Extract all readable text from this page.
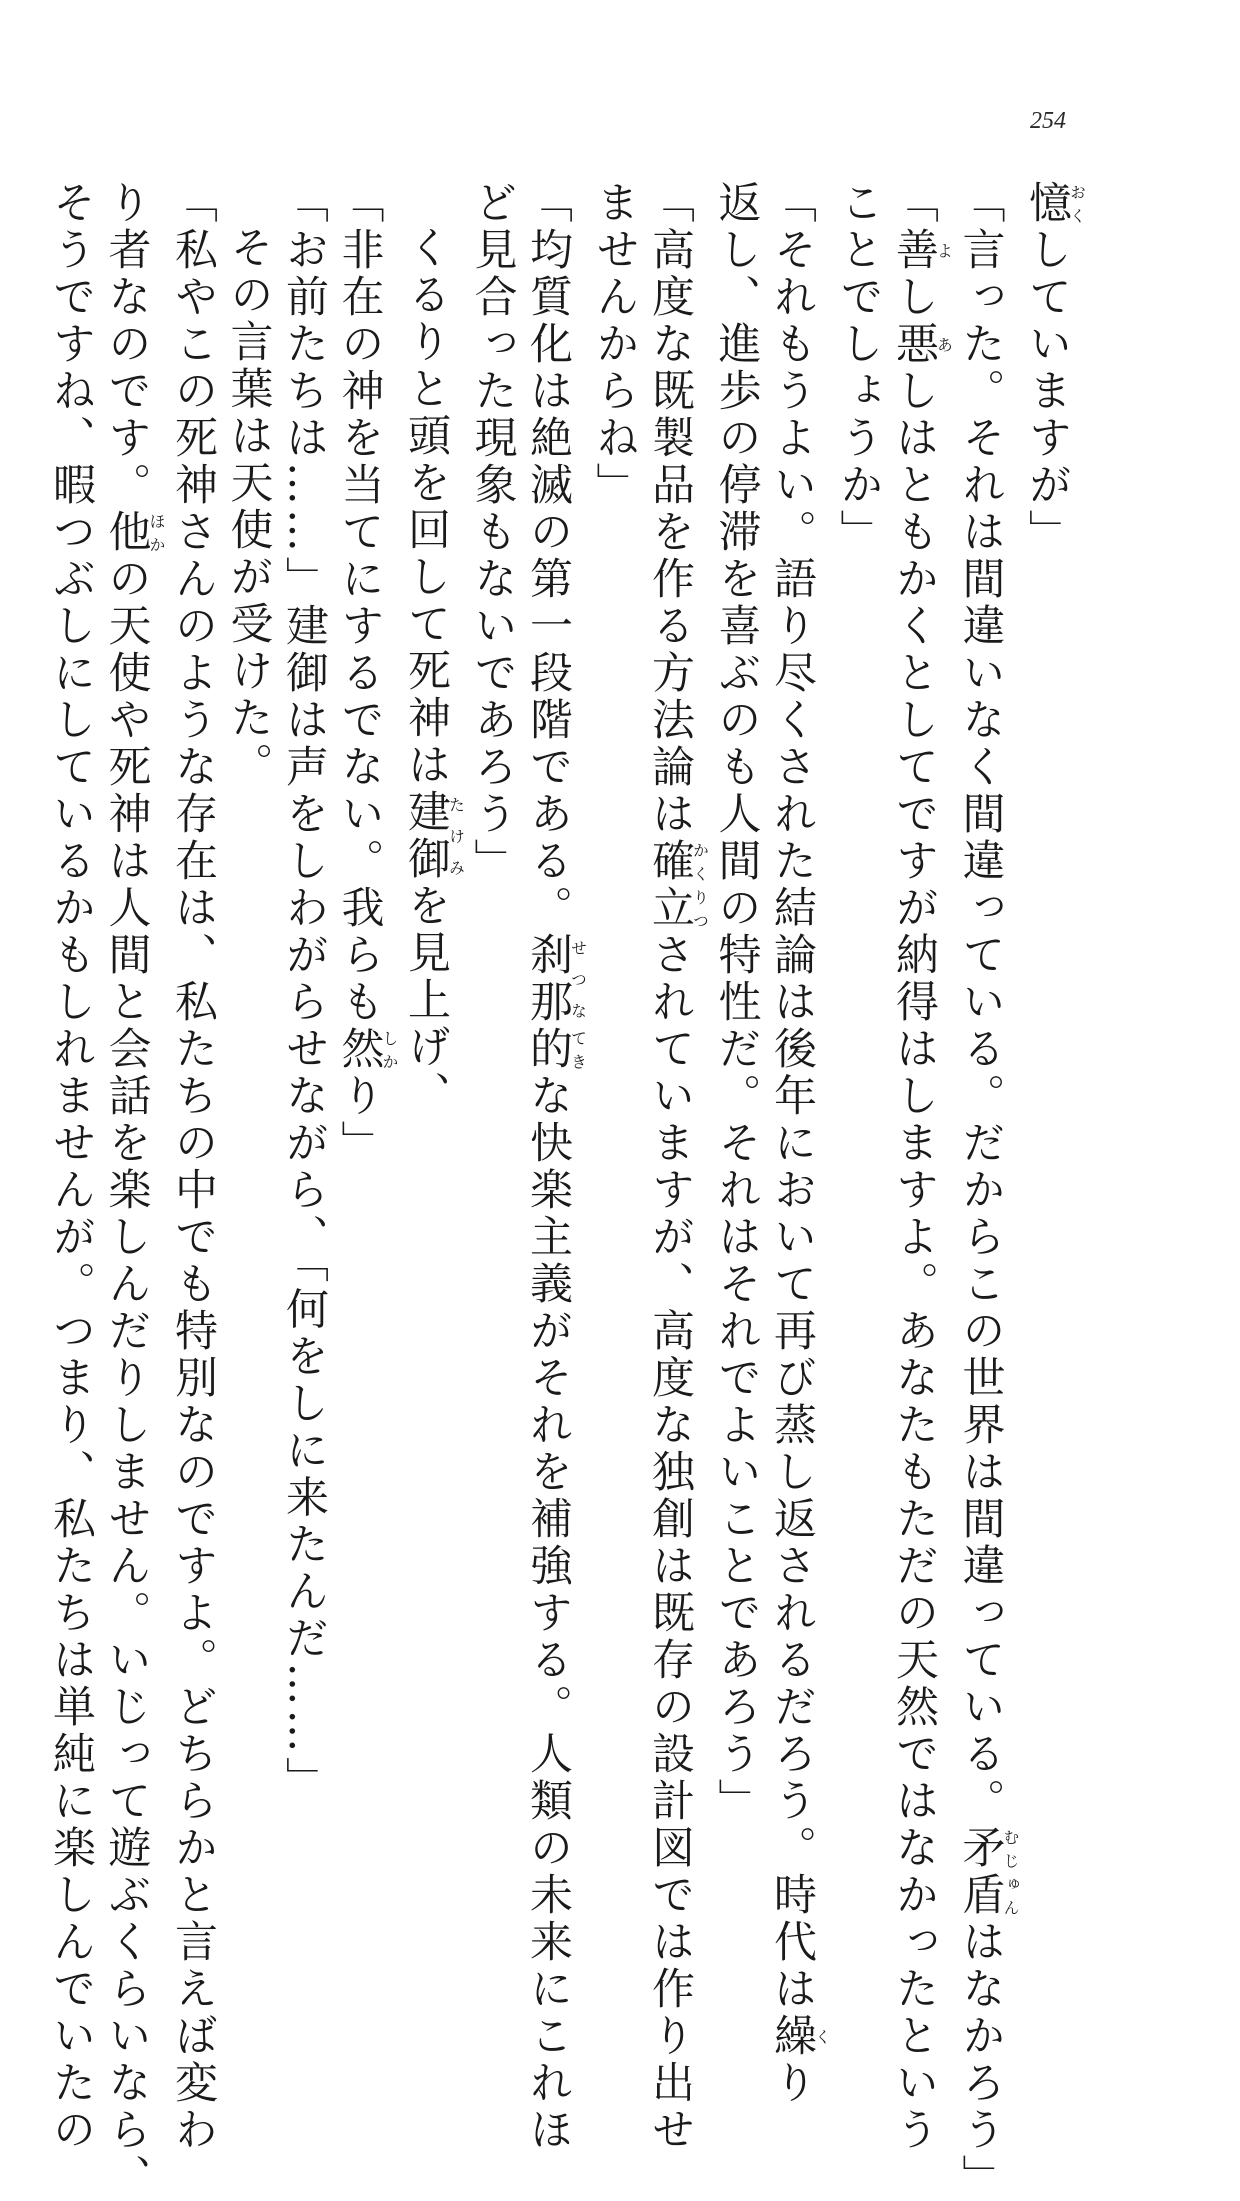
254
憶おくしていますが」
「言った。それは間違いなく間違っている。だからこの世界は間違っている。矛盾むじゅんはなかろう」
「善よし悪あしはともかくとしてですが納得はしますよ。あなたもただの天然ではなかったという
ことでしょうか」
「それもうよい。語り尽くされた結論は後年において再び蒸し返されるだろう。時代は繰くり
返し、進歩の停滞を喜ぶのも人間の特性だ。それはそれでよいことであろう」
「高度な既製品を作る方法論は確立かくりつされていますが、高度な独創は既存の設計図では作り出せ
ませんからね」
「均質化は絶滅の第一段階である。刹那せつな的てきな快楽主義がそれを補強する。人類の未来にこれほ
ど見合った現象もないであろう」
くるりと頭を回して死神は建御たけみを見上げ、
「非在の神を当てにするでない。我らも然しかり」
「お前たちは……」建御は声をしわがらせながら、「何をしに来たんだ……」
その言葉は天使が受けた。
「私やこの死神さんのような存在は、私たちの中でも特別なのですよ。どちらかと言えば変わ
り者なのです。他ほかの天使や死神は人間と会話を楽しんだりしません。いじって遊ぶくらいなら、
そうですね、暇つぶしにしているかもしれませんが。つまり、私たちは単純に楽しんでいたの
